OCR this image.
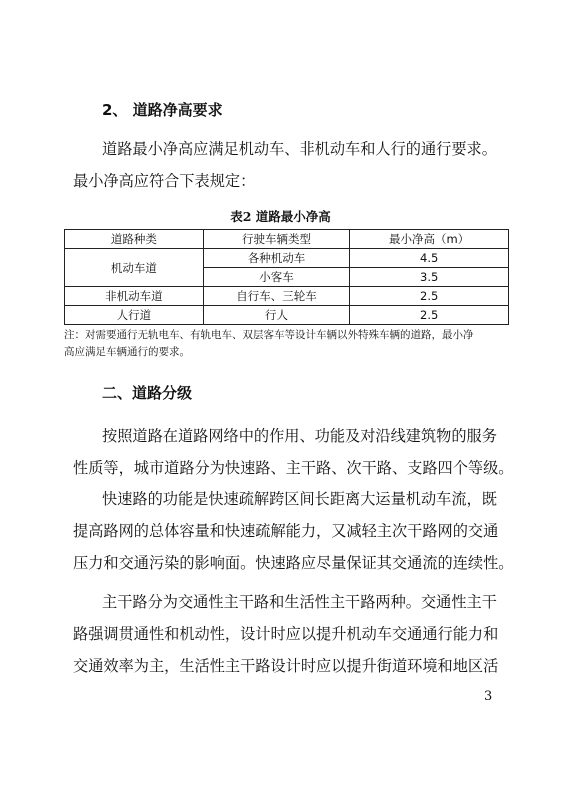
2、 道路净高要求
道路最小净高应满足机动车、非机动车和人行的通行要求。
最小净高应符合下表规定：
表2 道路最小净高
道路种类	行驶车辆类型	最小净高（m）
机动车道	各种机动车	4.5
	小客车	3.5
非机动车道	自行车、三轮车	2.5
人行道	行人	2.5
注：对需要通行无轨电车、有轨电车、双层客车等设计车辆以外特殊车辆的道路，最小净
高应满足车辆通行的要求。
二、道路分级
按照道路在道路网络中的作用、功能及对沿线建筑物的服务
性质等，城市道路分为快速路、主干路、次干路、支路四个等级。
快速路的功能是快速疏解跨区间长距离大运量机动车流，既
提高路网的总体容量和快速疏解能力，又减轻主次干路网的交通
压力和交通污染的影响面。快速路应尽量保证其交通流的连续性。
主干路分为交通性主干路和生活性主干路两种。交通性主干
路强调贯通性和机动性，设计时应以提升机动车交通通行能力和
交通效率为主，生活性主干路设计时应以提升街道环境和地区活
3
